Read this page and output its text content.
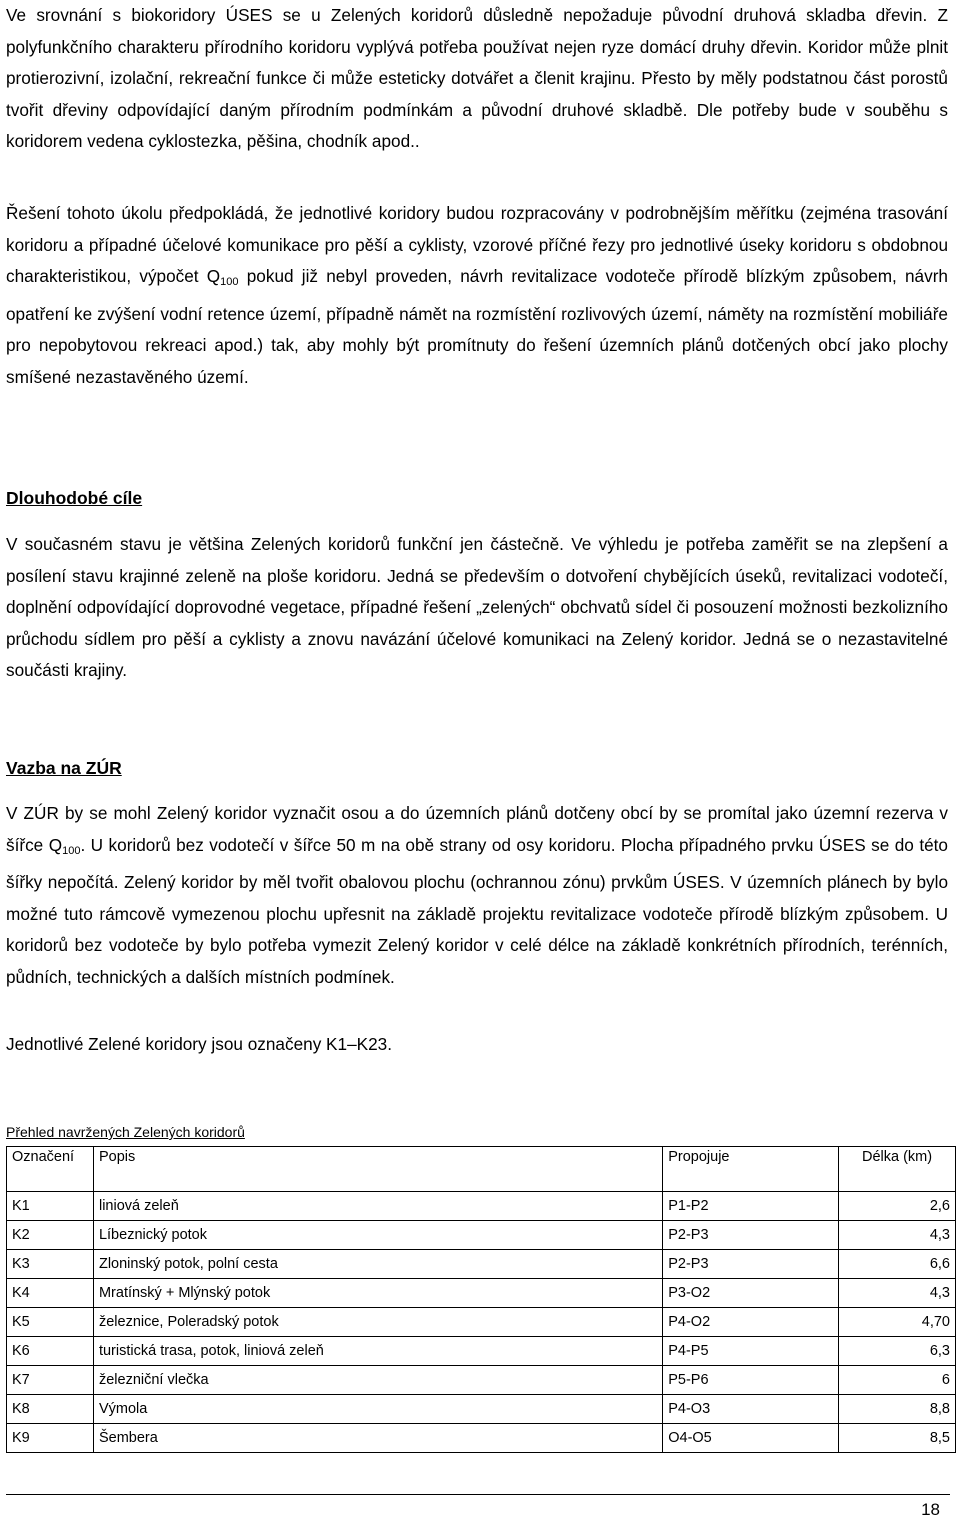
Ve srovnání s biokoridory ÚSES se u Zelených koridorů důsledně nepožaduje původní druhová skladba dřevin. Z polyfunkčního charakteru přírodního koridoru vyplývá potřeba používat nejen ryze domácí druhy dřevin. Koridor může plnit protierozivní, izolační, rekreační funkce či může esteticky dotvářet a členit krajinu. Přesto by měly podstatnou část porostů tvořit dřeviny odpovídající daným přírodním podmínkám a původní druhové skladbě. Dle potřeby bude v souběhu s koridorem vedena cyklostezka, pěšina, chodník apod..

Řešení tohoto úkolu předpokládá, že jednotlivé koridory budou rozpracovány v podrobnějším měřítku (zejména trasování koridoru a případné účelové komunikace pro pěší a cyklisty, vzorové příčné řezy pro jednotlivé úseky koridoru s obdobnou charakteristikou, výpočet $Q_{100}$ pokud již nebyl proveden, návrh revitalizace vodoteče přírodě blízkým způsobem, návrh opatření ke zvýšení vodní retence území, případně námět na rozmístění rozlivových území, náměty na rozmístění mobiliáře pro nepobytovou rekreaci apod.) tak, aby mohly být promítnuty do řešení územních plánů dotčených obcí jako plochy smíšené nezastavěného území.

Dlouhodobé cíle

V současném stavu je většina Zelených koridorů funkční jen částečně. Ve výhledu je potřeba zaměřit se na zlepšení a posílení stavu krajinné zeleně na ploše koridoru. Jedná se především o dotvoření chybějících úseků, revitalizaci vodotečí, doplnění odpovídající doprovodné vegetace, případné řešení „zelených“ obchvatů sídel či posouzení možnosti bezkolizního průchodu sídlem pro pěší a cyklisty a znovu navázání účelové komunikaci na Zelený koridor. Jedná se o nezastavitelné součásti krajiny.

Vazba na ZÚR

V ZÚR by se mohl Zelený koridor vyznačit osou a do územních plánů dotčeny obcí by se promítal jako územní rezerva v šířce $Q_{100}$. U koridorů bez vodotečí v šířce 50 m na obě strany od osy koridoru. Plocha případného prvku ÚSES se do této šířky nepočítá. Zelený koridor by měl tvořit obalovou plochu (ochrannou zónu) prvkům ÚSES. V územních plánech by bylo možné tuto rámcově vymezenou plochu upřesnit na základě projektu revitalizace vodoteče přírodě blízkým způsobem. U koridorů bez vodoteče by bylo potřeba vymezit Zelený koridor v celé délce na základě konkrétních přírodních, terénních, půdních, technických a dalších místních podmínek.

Jednotlivé Zelené koridory jsou označeny K1–K23.

Přehled navržených Zelených koridorů

Označení	Popis	Propojuje	Délka (km)
K1	liniová zeleň	P1-P2	2,6
K2	Líbeznický potok	P2-P3	4,3
K3	Zloninský potok, polní cesta	P2-P3	6,6
K4	Mratínský + Mlýnský potok	P3-O2	4,3
K5	železnice, Poleradský potok	P4-O2	4,70
K6	turistická trasa, potok, liniová zeleň	P4-P5	6,3
K7	železniční vlečka	P5-P6	6
K8	Výmola	P4-O3	8,8
K9	Šembera	O4-O5	8,5
18
